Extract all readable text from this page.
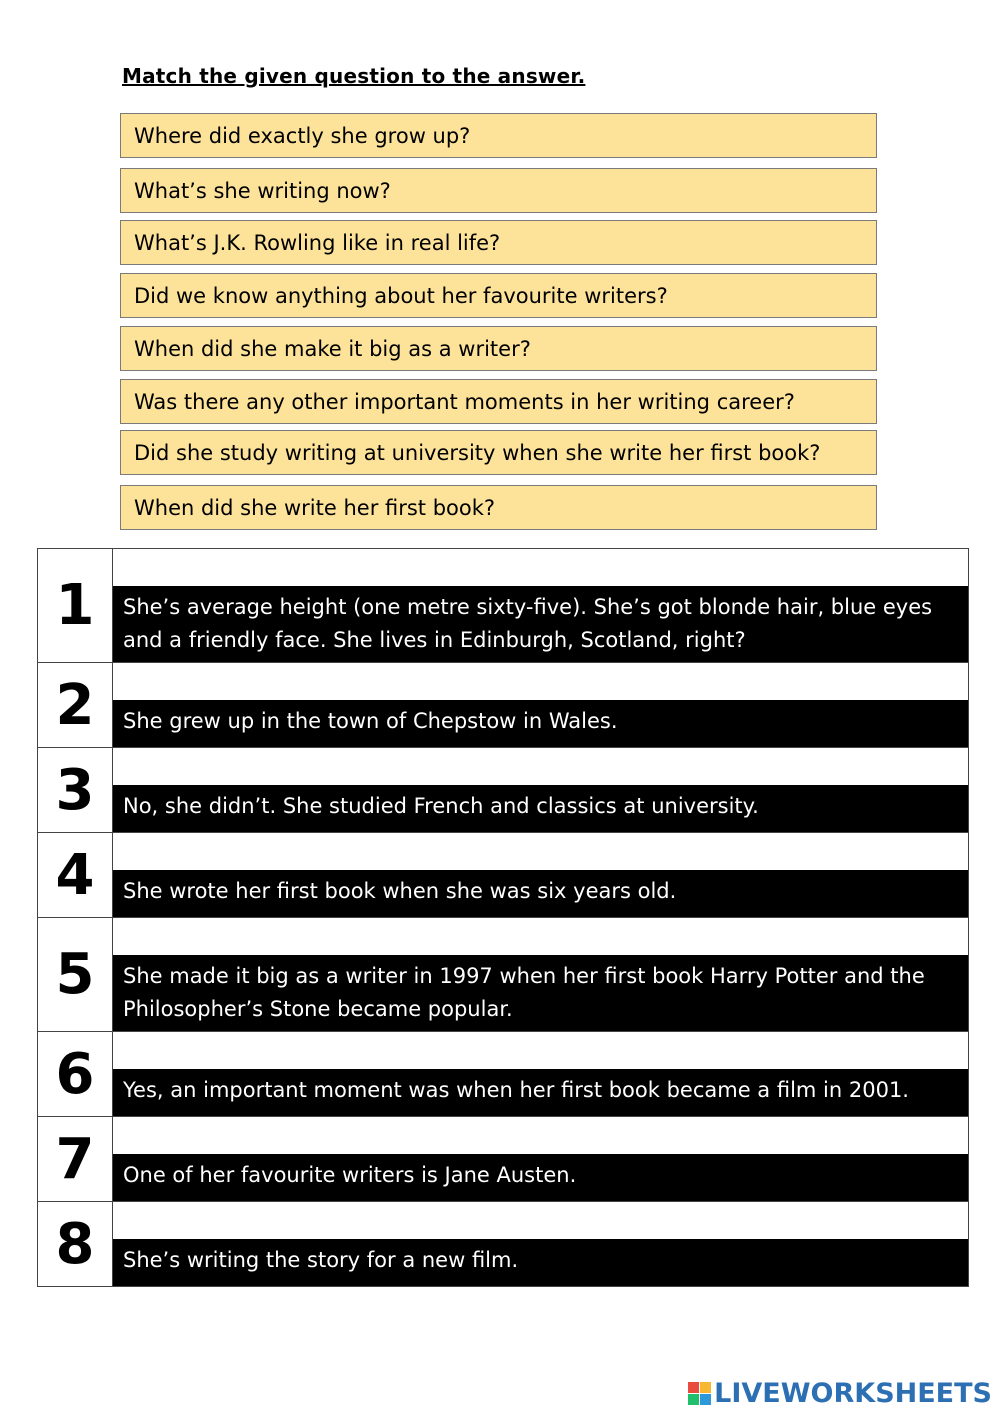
Match the given question to the answer.
Where did exactly she grow up?
What’s she writing now?
What’s J.K. Rowling like in real life?
Did we know anything about her favourite writers?
When did she make it big as a writer?
Was there any other important moments in her writing career?
Did she study writing at university when she write her first book?
When did she write her first book?
1	She’s average height (one metre sixty-five). She’s got blonde hair, blue eyes and a friendly face. She lives in Edinburgh, Scotland, right?
2	She grew up in the town of Chepstow in Wales.
3	No, she didn’t. She studied French and classics at university.
4	She wrote her first book when she was six years old.
5	She made it big as a writer in 1997 when her first book Harry Potter and the Philosopher’s Stone became popular.
6	Yes, an important moment was when her first book became a film in 2001.
7	One of her favourite writers is Jane Austen.
8	She’s writing the story for a new film.
LIVEWORKSHEETS
